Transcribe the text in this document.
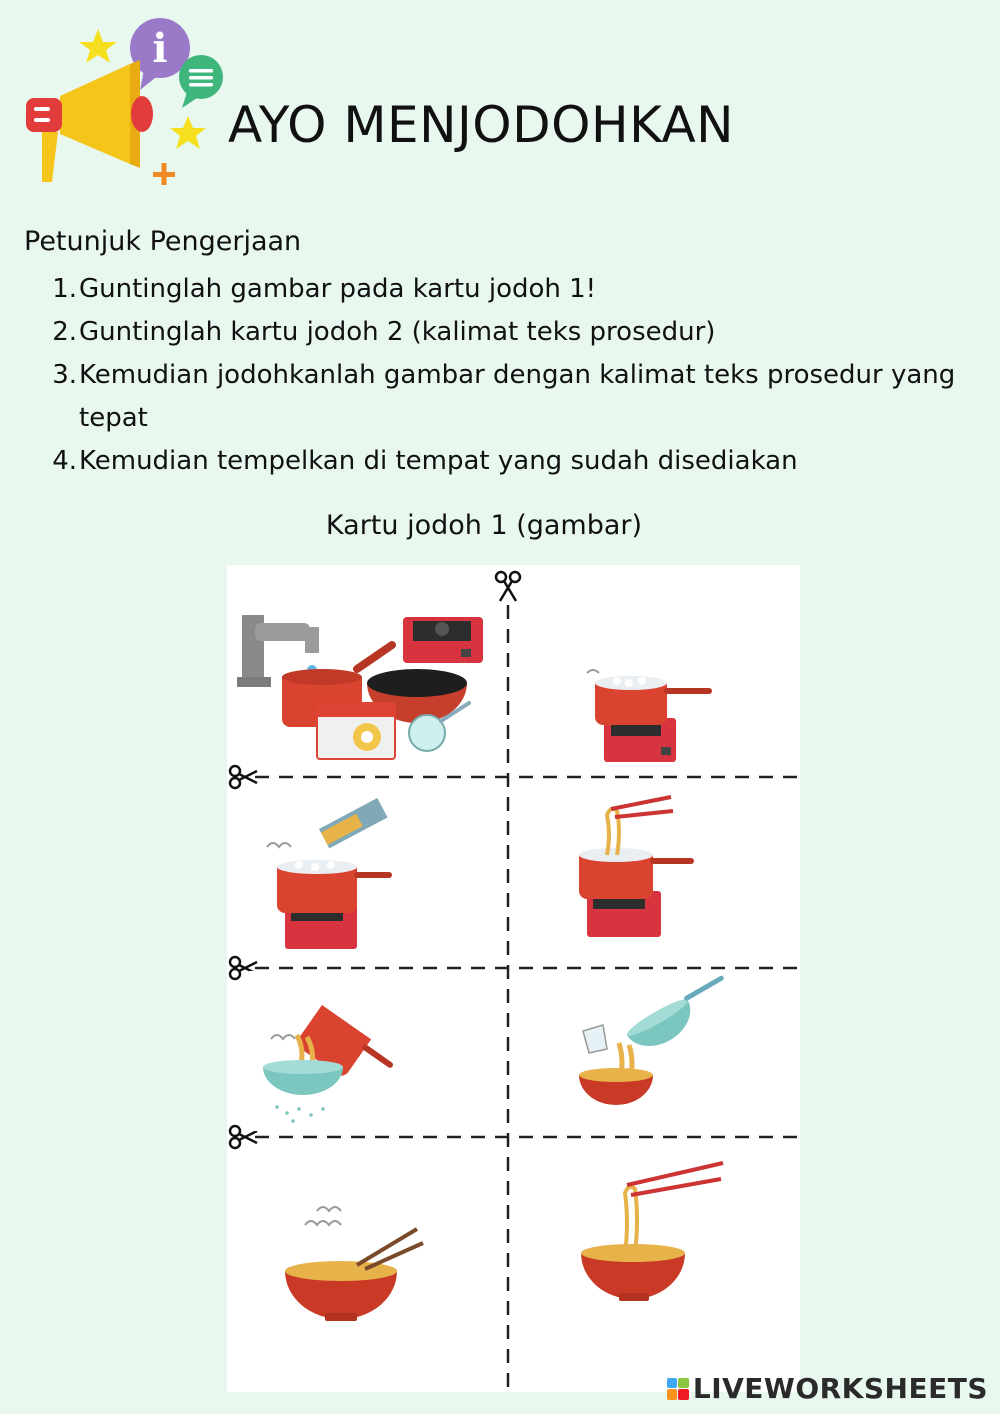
i
AYO MENJODOHKAN
Petunjuk Pengerjaan
1. Guntinglah gambar pada kartu jodoh 1!
2. Guntinglah kartu jodoh 2 (kalimat teks prosedur)
3. Kemudian jodohkanlah gambar dengan kalimat teks prosedur yang tepat
4. Kemudian tempelkan di tempat yang sudah disediakan
Kartu jodoh 1 (gambar)
LIVEWORKSHEETS
